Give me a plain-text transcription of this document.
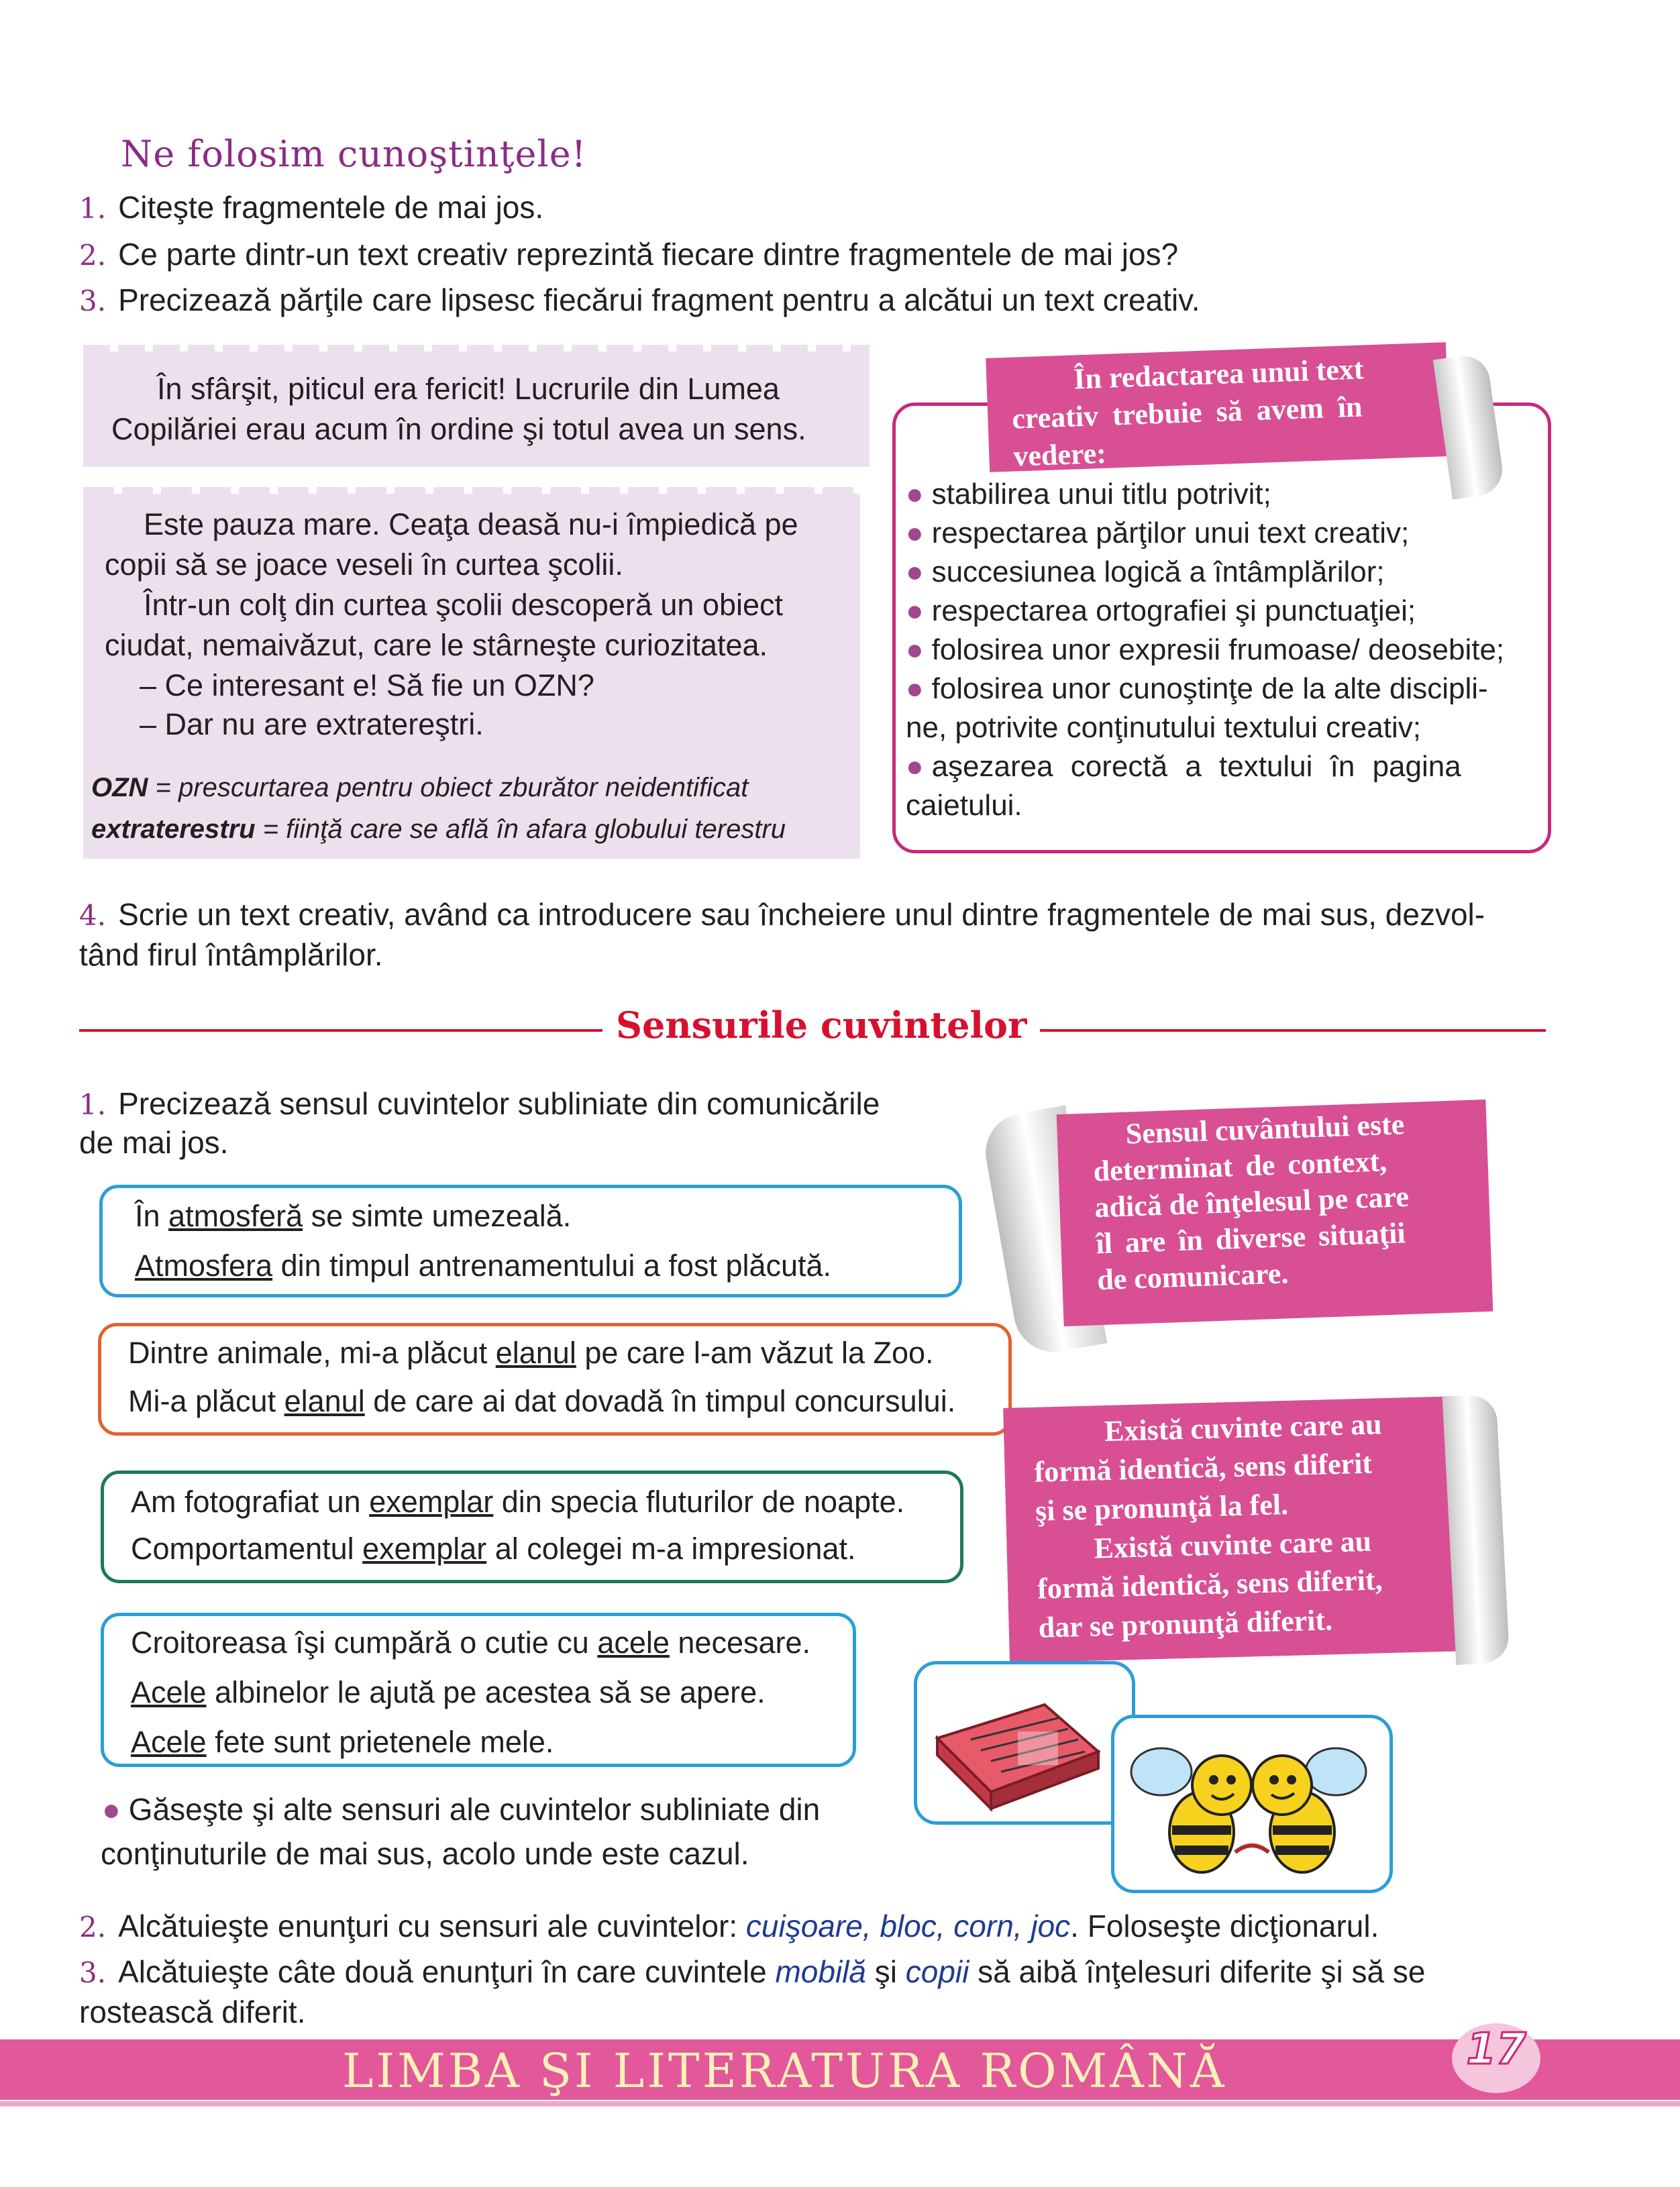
Ne folosim cunoştinţele!
1. Citeşte fragmentele de mai jos.
2. Ce parte dintr-un text creativ reprezintă fiecare dintre fragmentele de mai jos?
3. Precizează părţile care lipsesc fiecărui fragment pentru a alcătui un text creativ.
În sfârşit, piticul era fericit! Lucrurile din Lumea
Copilăriei erau acum în ordine şi totul avea un sens.
Este pauza mare. Ceaţa deasă nu-i împiedică pe
copii să se joace veseli în curtea şcolii.
Într-un colţ din curtea şcolii descoperă un obiect
ciudat, nemaivăzut, care le stârneşte curiozitatea.
– Ce interesant e! Să fie un OZN?
– Dar nu are extratereştri.
OZN = prescurtarea pentru obiect zburător neidentificat
extraterestru = fiinţă care se află în afara globului terestru
În redactarea unui text
creativ trebuie să avem în
vedere:
● stabilirea unui titlu potrivit;
● respectarea părţilor unui text creativ;
● succesiunea logică a întâmplărilor;
● respectarea ortografiei şi punctuaţiei;
● folosirea unor expresii frumoase/ deosebite;
● folosirea unor cunoştinţe de la alte discipli-
ne, potrivite conţinutului textului creativ;
● aşezarea corectă a textului în pagina
caietului.
4. Scrie un text creativ, având ca introducere sau încheiere unul dintre fragmentele de mai sus, dezvol-
tând firul întâmplărilor.
Sensurile cuvintelor
1. Precizează sensul cuvintelor subliniate din comunicările
de mai jos.
În atmosferă se simte umezeală.
Atmosfera din timpul antrenamentului a fost plăcută.
Dintre animale, mi-a plăcut elanul pe care l-am văzut la Zoo.
Mi-a plăcut elanul de care ai dat dovadă în timpul concursului.
Am fotografiat un exemplar din specia fluturilor de noapte.
Comportamentul exemplar al colegei m-a impresionat.
Croitoreasa îşi cumpără o cutie cu acele necesare.
Acele albinelor le ajută pe acestea să se apere.
Acele fete sunt prietenele mele.
● Găseşte şi alte sensuri ale cuvintelor subliniate din
conţinuturile de mai sus, acolo unde este cazul.
Sensul cuvântului este
determinat de context,
adică de înţelesul pe care
îl are în diverse situaţii
de comunicare.
Există cuvinte care au
formă identică, sens diferit
şi se pronunţă la fel.
Există cuvinte care au
formă identică, sens diferit,
dar se pronunţă diferit.
2. Alcătuieşte enunţuri cu sensuri ale cuvintelor: cuişoare, bloc, corn, joc. Foloseşte dicţionarul.
3. Alcătuieşte câte două enunţuri în care cuvintele mobilă şi copii să aibă înţelesuri diferite şi să se
rostească diferit.
LIMBA ŞI LITERATURA ROMÂNĂ	17
